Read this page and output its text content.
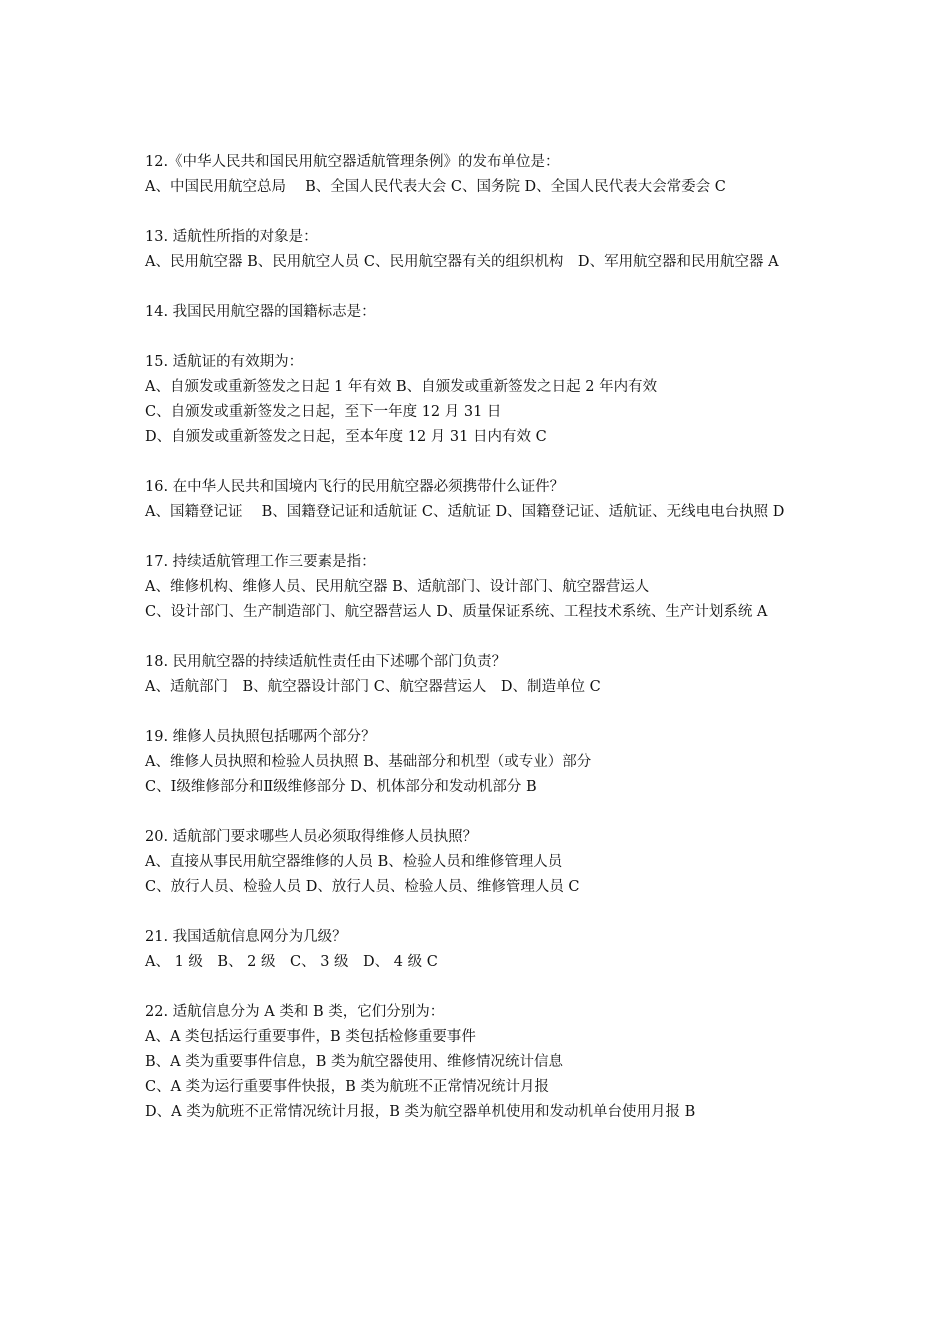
12.《中华人民共和国民用航空器适航管理条例》的发布单位是：
A、中国民用航空总局　 B、全国人民代表大会 C、国务院 D、全国人民代表大会常委会 C
13. 适航性所指的对象是：
A、民用航空器 B、民用航空人员 C、民用航空器有关的组织机构　D、军用航空器和民用航空器 A
14. 我国民用航空器的国籍标志是：
15. 适航证的有效期为：
A、自颁发或重新签发之日起 1 年有效 B、自颁发或重新签发之日起 2 年内有效
C、自颁发或重新签发之日起，至下一年度 12 月 31 日
D、自颁发或重新签发之日起，至本年度 12 月 31 日内有效 C
16. 在中华人民共和国境内飞行的民用航空器必须携带什么证件？
A、国籍登记证　 B、国籍登记证和适航证 C、适航证 D、国籍登记证、适航证、无线电电台执照 D
17. 持续适航管理工作三要素是指：
A、维修机构、维修人员、民用航空器 B、适航部门、设计部门、航空器营运人
C、设计部门、生产制造部门、航空器营运人 D、质量保证系统、工程技术系统、生产计划系统 A
18. 民用航空器的持续适航性责任由下述哪个部门负责？
A、适航部门　B、航空器设计部门 C、航空器营运人　D、制造单位 C
19. 维修人员执照包括哪两个部分？
A、维修人员执照和检验人员执照 B、基础部分和机型（或专业）部分
C、Ⅰ级维修部分和Ⅱ级维修部分 D、机体部分和发动机部分 B
20. 适航部门要求哪些人员必须取得维修人员执照？
A、直接从事民用航空器维修的人员 B、检验人员和维修管理人员
C、放行人员、检验人员 D、放行人员、检验人员、维修管理人员 C
21. 我国适航信息网分为几级？
A、 1 级　B、 2 级　C、 3 级　D、 4 级 C
22. 适航信息分为 A 类和 B 类，它们分别为：
A、A 类包括运行重要事件，B 类包括检修重要事件
B、A 类为重要事件信息，B 类为航空器使用、维修情况统计信息
C、A 类为运行重要事件快报，B 类为航班不正常情况统计月报
D、A 类为航班不正常情况统计月报，B 类为航空器单机使用和发动机单台使用月报 B
